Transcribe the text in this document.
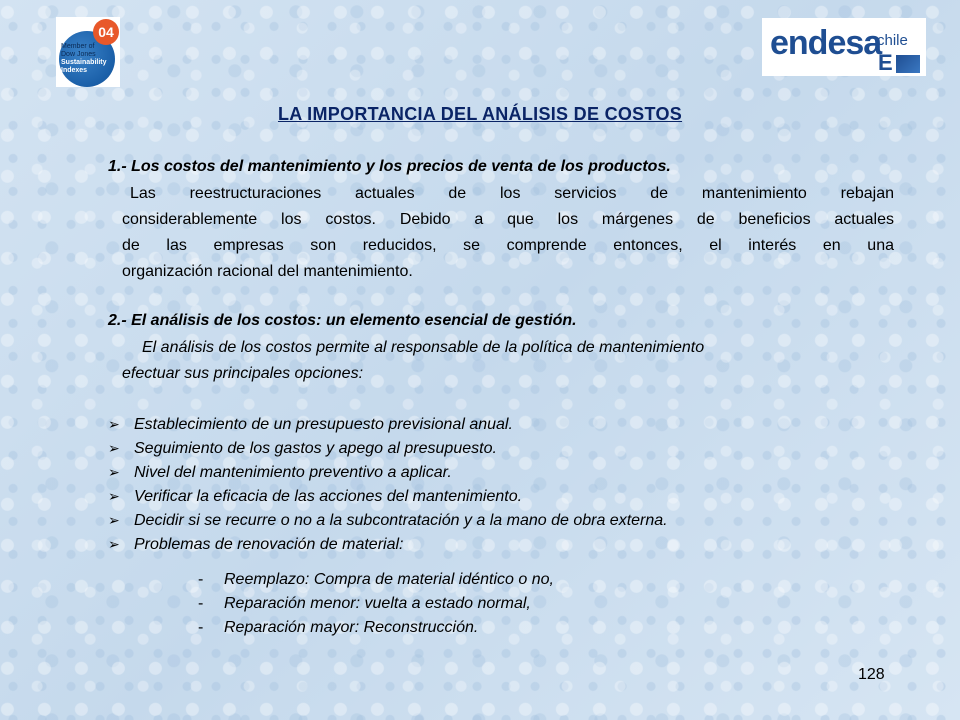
04
Member of
Dow Jones
Sustainability
Indexes
endesa
chile
E
LA IMPORTANCIA DEL ANÁLISIS DE COSTOS
1.- Los costos del mantenimiento y los precios de venta de los productos.
Las reestructuraciones actuales de los servicios de mantenimiento rebajan
considerablemente los costos. Debido a que los márgenes de beneficios actuales
de las empresas son reducidos, se comprende entonces, el interés en una
organización racional del mantenimiento.
2.- El análisis de los costos: un elemento esencial de gestión.
El análisis de los costos permite al responsable de la política de mantenimiento
efectuar sus principales opciones:
➢ Establecimiento de un presupuesto previsional anual.
➢ Seguimiento de los gastos y apego al presupuesto.
➢ Nivel del mantenimiento preventivo a aplicar.
➢ Verificar la eficacia de las acciones del mantenimiento.
➢ Decidir si se recurre o no a la subcontratación y a la mano de obra externa.
➢ Problemas de renovación de material:
- Reemplazo: Compra de material idéntico o no,
- Reparación menor: vuelta a estado normal,
- Reparación mayor: Reconstrucción.
128
